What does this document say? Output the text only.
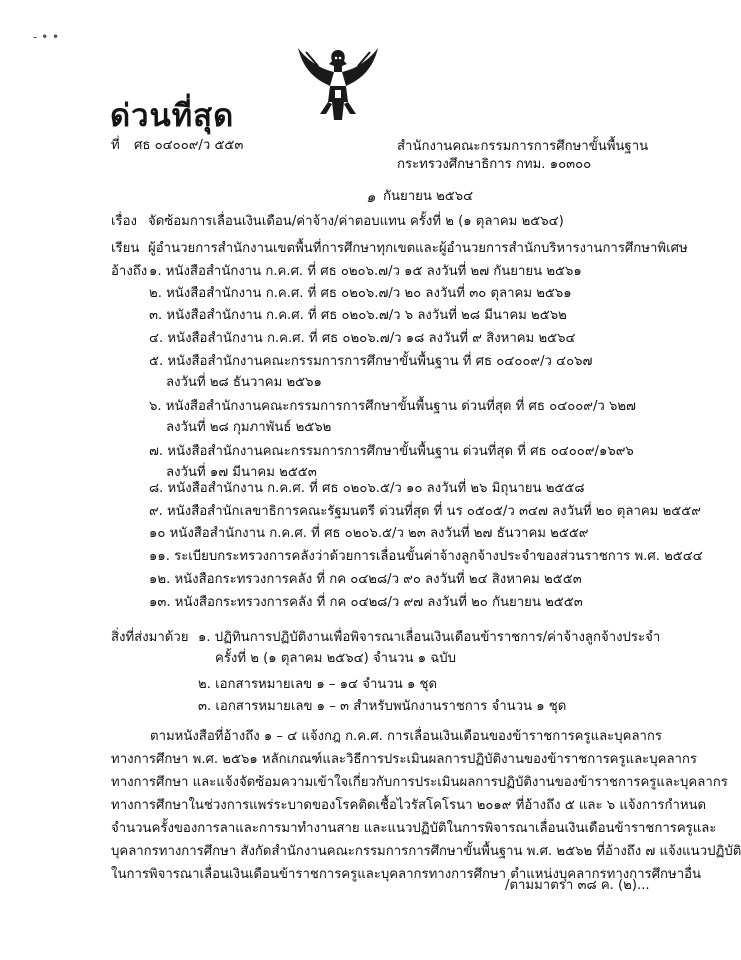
- • •
ด่วนที่สุด
ที่ ศธ ๐๔๐๐๙/ว ๕๕๓	สำนักงานคณะกรรมการการศึกษาขั้นพื้นฐาน
กระทรวงศึกษาธิการ กทม. ๑๐๓๐๐
๑ กันยายน ๒๕๖๔
เรื่อง จัดซ้อมการเลื่อนเงินเดือน/ค่าจ้าง/ค่าตอบแทน ครั้งที่ ๒ (๑ ตุลาคม ๒๕๖๔)
เรียน ผู้อำนวยการสำนักงานเขตพื้นที่การศึกษาทุกเขตและผู้อำนวยการสำนักบริหารงานการศึกษาพิเศษ
อ้างถึง ๑. หนังสือสำนักงาน ก.ค.ศ. ที่ ศธ ๐๒๐๖.๗/ว ๑๕ ลงวันที่ ๒๗ กันยายน ๒๕๖๑
๒. หนังสือสำนักงาน ก.ค.ศ. ที่ ศธ ๐๒๐๖.๗/ว ๒๐ ลงวันที่ ๓๐ ตุลาคม ๒๕๖๑
๓. หนังสือสำนักงาน ก.ค.ศ. ที่ ศธ ๐๒๐๖.๗/ว ๖ ลงวันที่ ๒๘ มีนาคม ๒๕๖๒
๔. หนังสือสำนักงาน ก.ค.ศ. ที่ ศธ ๐๒๐๖.๗/ว ๑๘ ลงวันที่ ๙ สิงหาคม ๒๕๖๔
๕. หนังสือสำนักงานคณะกรรมการการศึกษาขั้นพื้นฐาน ที่ ศธ ๐๔๐๐๙/ว ๔๐๖๗
ลงวันที่ ๒๘ ธันวาคม ๒๕๖๑
๖. หนังสือสำนักงานคณะกรรมการการศึกษาขั้นพื้นฐาน ด่วนที่สุด ที่ ศธ ๐๔๐๐๙/ว ๖๒๗
ลงวันที่ ๒๘ กุมภาพันธ์ ๒๕๖๒
๗. หนังสือสำนักงานคณะกรรมการการศึกษาขั้นพื้นฐาน ด่วนที่สุด ที่ ศธ ๐๔๐๐๙/๑๖๙๖
ลงวันที่ ๑๗ มีนาคม ๒๕๕๓
๘. หนังสือสำนักงาน ก.ค.ศ. ที่ ศธ ๐๒๐๖.๕/ว ๑๐ ลงวันที่ ๒๖ มิถุนายน ๒๕๕๘
๙. หนังสือสำนักเลขาธิการคณะรัฐมนตรี ด่วนที่สุด ที่ นร ๐๕๐๕/ว ๓๔๗ ลงวันที่ ๒๐ ตุลาคม ๒๕๕๙
๑๐ หนังสือสำนักงาน ก.ค.ศ. ที่ ศธ ๐๒๐๖.๕/ว ๒๓ ลงวันที่ ๒๗ ธันวาคม ๒๕๕๙
๑๑. ระเบียบกระทรวงการคลังว่าด้วยการเลื่อนขั้นค่าจ้างลูกจ้างประจำของส่วนราชการ พ.ศ. ๒๕๔๔
๑๒. หนังสือกระทรวงการคลัง ที่ กค ๐๔๒๘/ว ๙๐ ลงวันที่ ๒๔ สิงหาคม ๒๕๕๓
๑๓. หนังสือกระทรวงการคลัง ที่ กค ๐๔๒๘/ว ๙๗ ลงวันที่ ๒๐ กันยายน ๒๕๕๓
สิ่งที่ส่งมาด้วย ๑. ปฏิทินการปฏิบัติงานเพื่อพิจารณาเลื่อนเงินเดือนข้าราชการ/ค่าจ้างลูกจ้างประจำ
ครั้งที่ ๒ (๑ ตุลาคม ๒๕๖๔) จำนวน ๑ ฉบับ
๒. เอกสารหมายเลข ๑ – ๑๔ จำนวน ๑ ชุด
๓. เอกสารหมายเลข ๑ – ๓ สำหรับพนักงานราชการ จำนวน ๑ ชุด
ตามหนังสือที่อ้างถึง ๑ – ๔ แจ้งกฎ ก.ค.ศ. การเลื่อนเงินเดือนของข้าราชการครูและบุคลากร
ทางการศึกษา พ.ศ. ๒๕๖๑ หลักเกณฑ์และวิธีการประเมินผลการปฏิบัติงานของข้าราชการครูและบุคลากร
ทางการศึกษา และแจ้งจัดซ้อมความเข้าใจเกี่ยวกับการประเมินผลการปฏิบัติงานของข้าราชการครูและบุคลากร
ทางการศึกษาในช่วงการแพร่ระบาดของโรคติดเชื้อไวรัสโคโรนา ๒๐๑๙ ที่อ้างถึง ๕ และ ๖ แจ้งการกำหนด
จำนวนครั้งของการลาและการมาทำงานสาย และแนวปฏิบัติในการพิจารณาเลื่อนเงินเดือนข้าราชการครูและ
บุคลากรทางการศึกษา สังกัดสำนักงานคณะกรรมการการศึกษาขั้นพื้นฐาน พ.ศ. ๒๕๖๒ ที่อ้างถึง ๗ แจ้งแนวปฏิบัติ
ในการพิจารณาเลื่อนเงินเดือนข้าราชการครูและบุคลากรทางการศึกษา ตำแหน่งบุคลากรทางการศึกษาอื่น
/ตามมาตรา ๓๘ ค. (๒)...
